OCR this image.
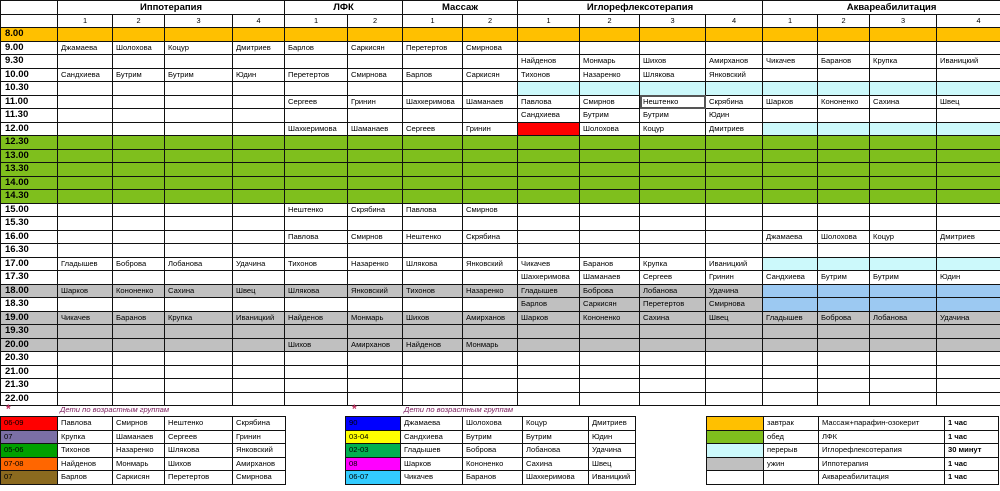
	Иппотерапия				ЛФК		Массаж		Иглорефлексотерапия				Аквареабилитация			
	1	2	3	4	1	2	1	2	1	2	3	4	1	2	3	4
8.00																
9.00	Джамаева	Шолохова	Коцур	Дмитриев	Барлов	Саркисян	Перетертов	Смирнова								
9.30									Найденов	Монмарь	Шихов	Амирханов	Чикачев	Баранов	Крупка	Иваницкий
10.00	Сандхиева	Бутрим	Бутрим	Юдин	Перетертов	Смирнова	Барлов	Саркисян	Тихонов	Назаренко	Шлякова	Янковский				
10.30																
11.00					Сергеев	Гринин	Шахкеримова	Шаманаев	Павлова	Смирнов	Нештенко	Скрябина	Шарков	Кононенко	Сахина	Швец
11.30									Сандхиева	Бутрим	Бутрим	Юдин				
12.00					Шахкеримова	Шаманаев	Сергеев	Гринин		Шолохова	Коцур	Дмитриев				
12.30																
13.00																
13.30																
14.00																
14.30																
15.00					Нештенко	Скрябина	Павлова	Смирнов								
15.30																
16.00					Павлова	Смирнов	Нештенко	Скрябина					Джамаева	Шолохова	Коцур	Дмитриев
16.30																
17.00	Гладышев	Боброва	Лобанова	Удачина	Тихонов	Назаренко	Шлякова	Янковский	Чикачев	Баранов	Крупка	Иваницкий				
17.30									Шахкеримова	Шаманаев	Сергеев	Гринин	Сандхиева	Бутрим	Бутрим	Юдин
18.00	Шарков	Кононенко	Сахина	Швец	Шлякова	Янковский	Тихонов	Назаренко	Гладышев	Боброва	Лобанова	Удачина				
18.30									Барлов	Саркисян	Перетертов	Смирнова				
19.00	Чикачев	Баранов	Крупка	Иваницкий	Найденов	Монмарь	Шихов	Амирханов	Шарков	Кононенко	Сахина	Швец	Гладышев	Боброва	Лобанова	Удачина
19.30																
20.00					Шихов	Амирханов	Найденов	Монмарь								
20.30																
21.00																
21.30																
22.00																
*	Дети по возрастным группам	*	Дети по возрастным группам
06-09	Павлова	Смирнов	Нештенко	Скрябина
07	Крупка	Шаманаев	Сергеев	Гринин
05-06	Тихонов	Назаренко	Шлякова	Янковский
07-08	Найденов	Монмарь	Шихов	Амирханов
07	Барлов	Саркисян	Перетертов	Смирнова
90	Джамаева	Шолохова	Коцур	Дмитриев
03-04	Сандхиева	Бутрим	Бутрим	Юдин
02-03	Гладышев	Боброва	Лобанова	Удачина
08	Шарков	Кононенко	Сахина	Швец
06-07	Чикачев	Баранов	Шахкеримова	Иваницкий
	завтрак	Массаж+парафин-озокерит	1 час
	обед	ЛФК	1 час
	перерыв	Иглорефлексотерапия	30 минут
	ужин	Иппотерапия	1 час
		Аквареабилитация	1 час
